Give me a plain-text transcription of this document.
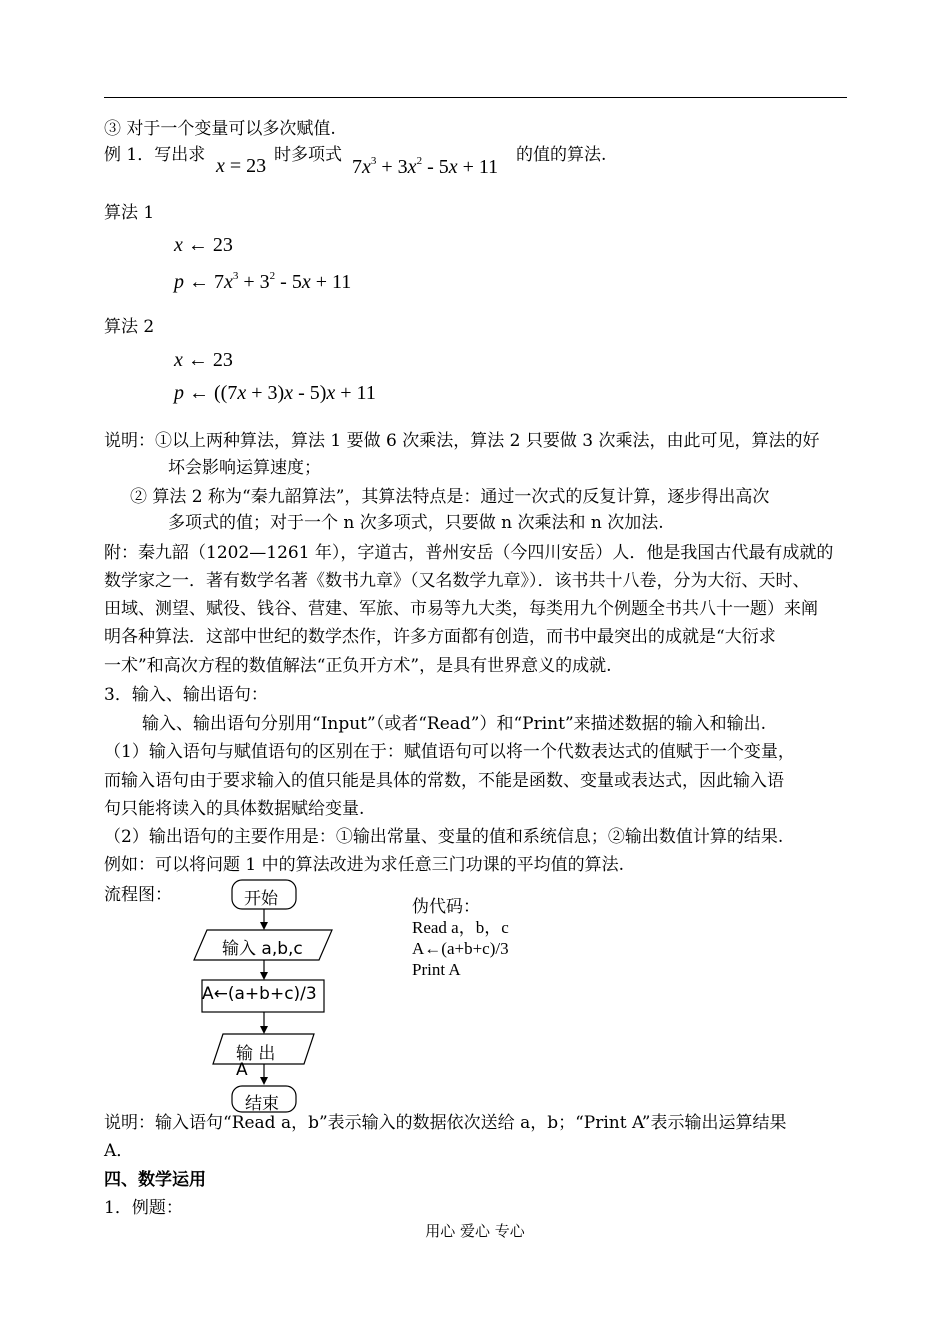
③ 对于一个变量可以多次赋值.
例 1．写出求 x = 23 时多项式
$7x^3 + 3x^2 - 5x + 11$
的值的算法.
算法 1
x ← 23
p ← $7x^3 + 3^2 - 5x + 11$
算法 2
x ← 23
p ← ((7x + 3)x - 5)x + 11
说明：①以上两种算法，算法 1 要做 6 次乘法，算法 2 只要做 3 次乘法，由此可见，算法的好
坏会影响运算速度；
② 算法 2 称为“秦九韶算法”，其算法特点是：通过一次式的反复计算，逐步得出高次
多项式的值；对于一个 n 次多项式，只要做 n 次乘法和 n 次加法.
附：秦九韶（1202—1261 年），字道古，普州安岳（今四川安岳）人．他是我国古代最有成就的
数学家之一．著有数学名著《数书九章》（又名数学九章》）．该书共十八卷，分为大衍、天时、
田域、测望、赋役、钱谷、营建、军旅、市易等九大类，每类用九个例题全书共八十一题）来阐
明各种算法．这部中世纪的数学杰作，许多方面都有创造，而书中最突出的成就是“大衍求
一术”和高次方程的数值解法“正负开方术”，是具有世界意义的成就.
3．输入、输出语句：
输入、输出语句分别用“Input”（或者“Read”）和“Print”来描述数据的输入和输出.
（1）输入语句与赋值语句的区别在于：赋值语句可以将一个代数表达式的值赋于一个变量，
而输入语句由于要求输入的值只能是具体的常数，不能是函数、变量或表达式，因此输入语
句只能将读入的具体数据赋给变量.
（2）输出语句的主要作用是：①输出常量、变量的值和系统信息；②输出数值计算的结果.
例如：可以将问题 1 中的算法改进为求任意三门功课的平均值的算法.
流程图：	开始
输入 a,b,c
A←(a+b+c)/3
输 出
A
结束
伪代码：
Read a，b，c
A←(a+b+c)/3
Print A
说明：输入语句“Read a，b”表示输入的数据依次送给 a，b；“Print A”表示输出运算结果
A．
四、数学运用
1．例题：
用心 爱心 专心
